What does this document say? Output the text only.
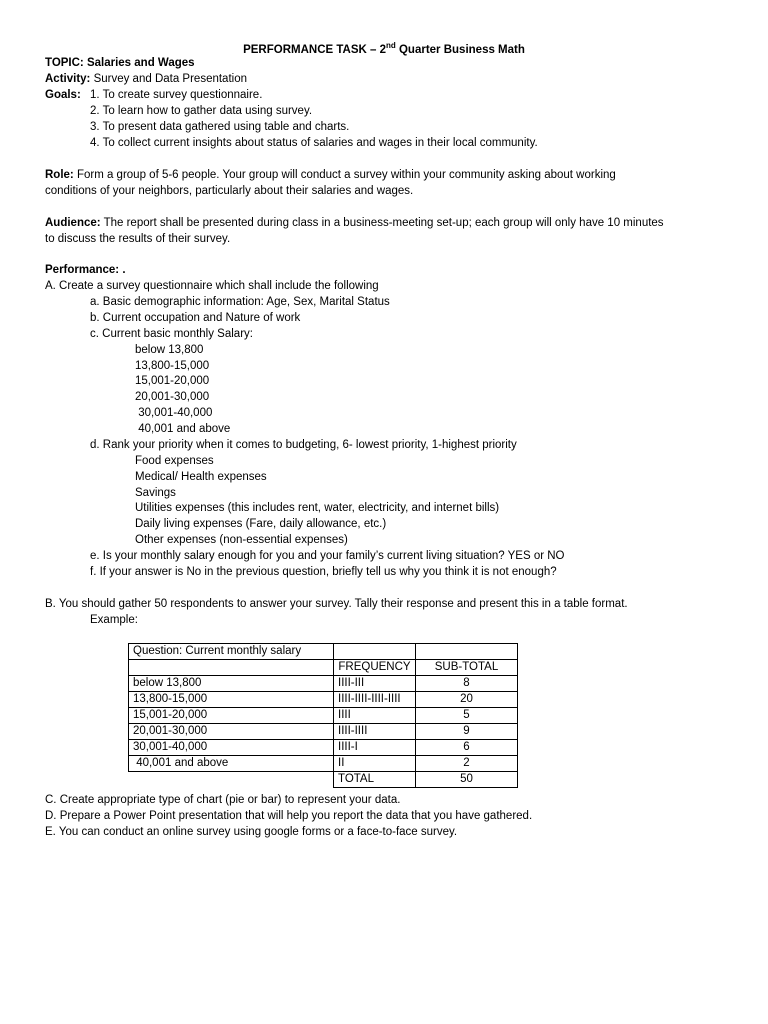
PERFORMANCE TASK – 2nd Quarter Business Math
TOPIC: Salaries and Wages
Activity: Survey and Data Presentation
Goals: 1. To create survey questionnaire.
2. To learn how to gather data using survey.
3. To present data gathered using table and charts.
4. To collect current insights about status of salaries and wages in their local community.
Role: Form a group of 5-6 people. Your group will conduct a survey within your community asking about working
conditions of your neighbors, particularly about their salaries and wages.
Audience: The report shall be presented during class in a business-meeting set-up; each group will only have 10 minutes
to discuss the results of their survey.
Performance: .
A. Create a survey questionnaire which shall include the following
a. Basic demographic information: Age, Sex, Marital Status
b. Current occupation and Nature of work
c. Current basic monthly Salary:
below 13,800
13,800-15,000
15,001-20,000
20,001-30,000
30,001-40,000
40,001 and above
d. Rank your priority when it comes to budgeting, 6- lowest priority, 1-highest priority
Food expenses
Medical/ Health expenses
Savings
Utilities expenses (this includes rent, water, electricity, and internet bills)
Daily living expenses (Fare, daily allowance, etc.)
Other expenses (non-essential expenses)
e. Is your monthly salary enough for you and your family’s current living situation? YES or NO
f. If your answer is No in the previous question, briefly tell us why you think it is not enough?
B. You should gather 50 respondents to answer your survey. Tally their response and present this in a table format.
Example:
Question: Current monthly salary		
	FREQUENCY	SUB-TOTAL
below 13,800	IIII-III	8
13,800-15,000	IIII-IIII-IIII-IIII	20
15,001-20,000	IIII	5
20,001-30,000	IIII-IIII	9
30,001-40,000	IIII-I	6
40,001 and above	II	2
	TOTAL	50
C. Create appropriate type of chart (pie or bar) to represent your data.
D. Prepare a Power Point presentation that will help you report the data that you have gathered.
E. You can conduct an online survey using google forms or a face-to-face survey.
